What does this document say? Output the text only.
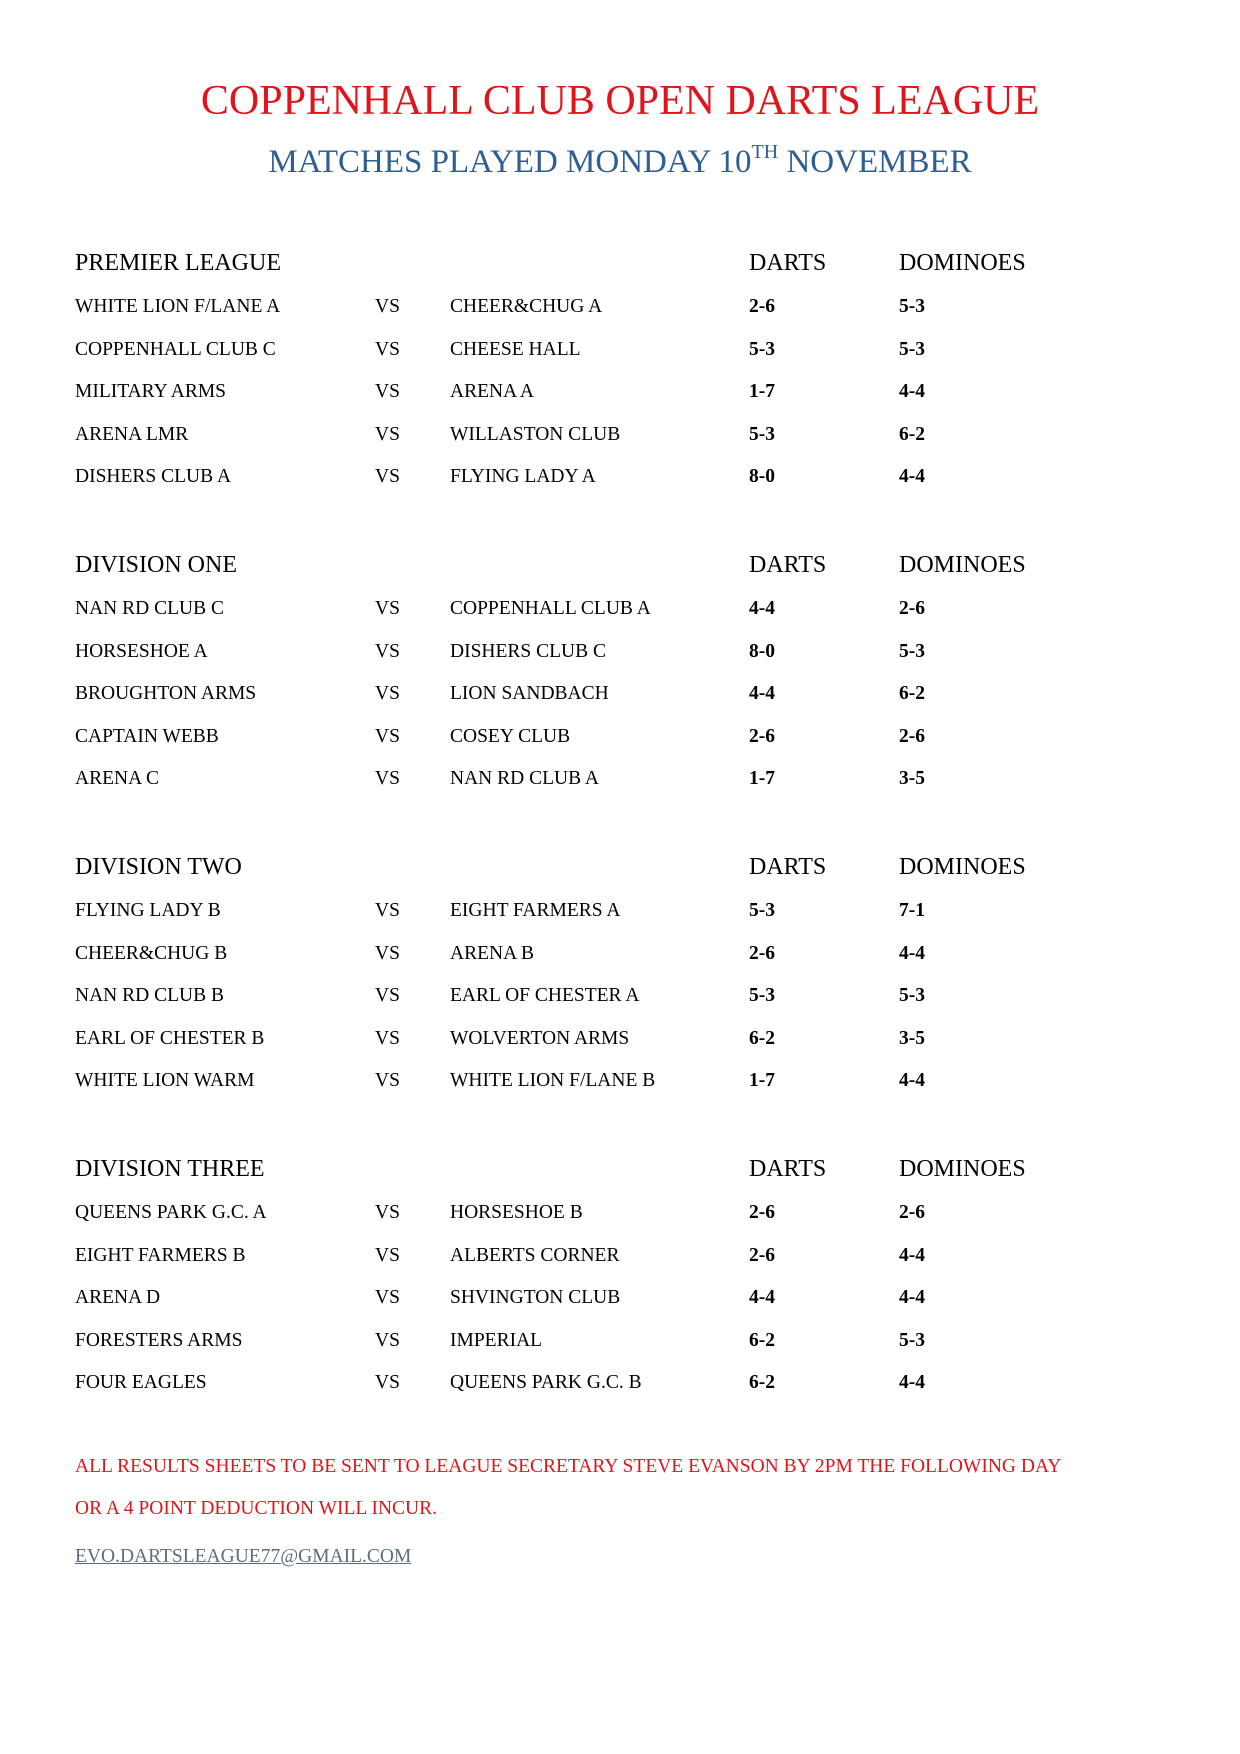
COPPENHALL CLUB OPEN DARTS LEAGUE
MATCHES PLAYED MONDAY 10TH NOVEMBER
PREMIER LEAGUE	DARTS	DOMINOES
WHITE LION F/LANE A	VS	CHEER&CHUG A	2-6	5-3
COPPENHALL CLUB C	VS	CHEESE HALL	5-3	5-3
MILITARY ARMS	VS	ARENA A	1-7	4-4
ARENA LMR	VS	WILLASTON CLUB	5-3	6-2
DISHERS CLUB A	VS	FLYING LADY A	8-0	4-4
DIVISION ONE	DARTS	DOMINOES
NAN RD CLUB C	VS	COPPENHALL CLUB A	4-4	2-6
HORSESHOE A	VS	DISHERS CLUB C	8-0	5-3
BROUGHTON ARMS	VS	LION SANDBACH	4-4	6-2
CAPTAIN WEBB	VS	COSEY CLUB	2-6	2-6
ARENA C	VS	NAN RD CLUB A	1-7	3-5
DIVISION TWO	DARTS	DOMINOES
FLYING LADY B	VS	EIGHT FARMERS A	5-3	7-1
CHEER&CHUG B	VS	ARENA B	2-6	4-4
NAN RD CLUB B	VS	EARL OF CHESTER A	5-3	5-3
EARL OF CHESTER B	VS	WOLVERTON ARMS	6-2	3-5
WHITE LION WARM	VS	WHITE LION F/LANE B	1-7	4-4
DIVISION THREE	DARTS	DOMINOES
QUEENS PARK G.C. A	VS	HORSESHOE B	2-6	2-6
EIGHT FARMERS B	VS	ALBERTS CORNER	2-6	4-4
ARENA D	VS	SHVINGTON CLUB	4-4	4-4
FORESTERS ARMS	VS	IMPERIAL	6-2	5-3
FOUR EAGLES	VS	QUEENS PARK G.C. B	6-2	4-4
ALL RESULTS SHEETS TO BE SENT TO LEAGUE SECRETARY STEVE EVANSON BY 2PM THE FOLLOWING DAY
OR A 4 POINT DEDUCTION WILL INCUR.
EVO.DARTSLEAGUE77@GMAIL.COM
